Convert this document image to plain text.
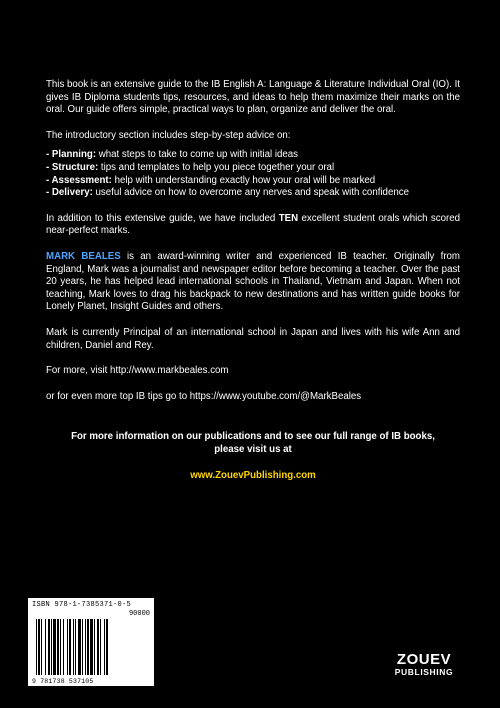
This book is an extensive guide to the IB English A: Language & Literature Individual Oral (IO). It gives IB Diploma students tips, resources, and ideas to help them maximize their marks on the oral. Our guide offers simple, practical ways to plan, organize and deliver the oral.

The introductory section includes step-by-step advice on:

- Planning: what steps to take to come up with initial ideas
- Structure: tips and templates to help you piece together your oral
- Assessment: help with understanding exactly how your oral will be marked
- Delivery: useful advice on how to overcome any nerves and speak with confidence

In addition to this extensive guide, we have included TEN excellent student orals which scored near-perfect marks.

MARK BEALES is an award-winning writer and experienced IB teacher. Originally from England, Mark was a journalist and newspaper editor before becoming a teacher. Over the past 20 years, he has helped lead international schools in Thailand, Vietnam and Japan. When not teaching, Mark loves to drag his backpack to new destinations and has written guide books for Lonely Planet, Insight Guides and others.

Mark is currently Principal of an international school in Japan and lives with his wife Ann and children, Daniel and Rey.

For more, visit http://www.markbeales.com

or for even more top IB tips go to https://www.youtube.com/@MarkBeales

For more information on our publications and to see our full range of IB books,
please visit us at
www.ZouevPublishing.com
ISBN 978-1-7385371-0-5
90000
9 781738 537105
ZOUEV
PUBLISHING
